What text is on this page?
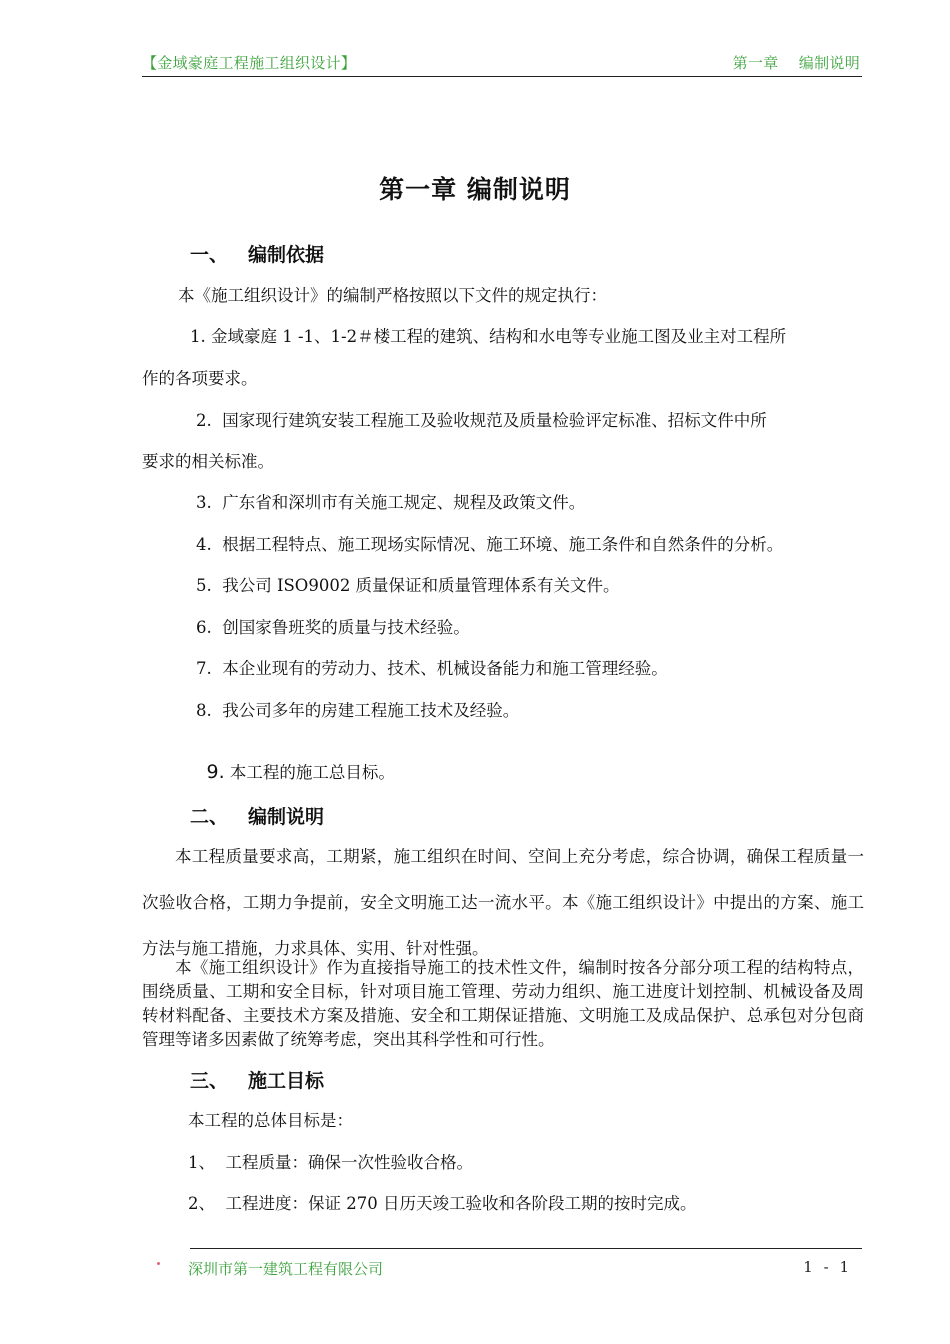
【金域豪庭工程施工组织设计】	第一章    编制说明
第一章 编制说明
一、 编制依据
本《施工组织设计》的编制严格按照以下文件的规定执行：
1. 金域豪庭 1 -1、1-2＃楼工程的建筑、结构和水电等专业施工图及业主对工程所
作的各项要求。
2.  国家现行建筑安装工程施工及验收规范及质量检验评定标准、招标文件中所
要求的相关标准。
3.  广东省和深圳市有关施工规定、规程及政策文件。
4.  根据工程特点、施工现场实际情况、施工环境、施工条件和自然条件的分析。
5.  我公司 ISO9002 质量保证和质量管理体系有关文件。
6.  创国家鲁班奖的质量与技术经验。
7.  本企业现有的劳动力、技术、机械设备能力和施工管理经验。
8.  我公司多年的房建工程施工技术及经验。

9. 本工程的施工总目标。

二、 编制说明
本工程质量要求高，工期紧，施工组织在时间、空间上充分考虑，综合协调，确保工程质量一次验收合格，工期力争提前，安全文明施工达一流水平。本《施工组织设计》中提出的方案、施工方法与施工措施，力求具体、实用、针对性强。
本《施工组织设计》作为直接指导施工的技术性文件，编制时按各分部分项工程的结构特点，围绕质量、工期和安全目标，针对项目施工管理、劳动力组织、施工进度计划控制、机械设备及周转材料配备、主要技术方案及措施、安全和工期保证措施、文明施工及成品保护、总承包对分包商管理等诸多因素做了统筹考虑，突出其科学性和可行性。
三、 施工目标
本工程的总体目标是：
1、  工程质量：确保一次性验收合格。
2、  工程进度：保证 270 日历天竣工验收和各阶段工期的按时完成。
深圳市第一建筑工程有限公司	1 - 1
